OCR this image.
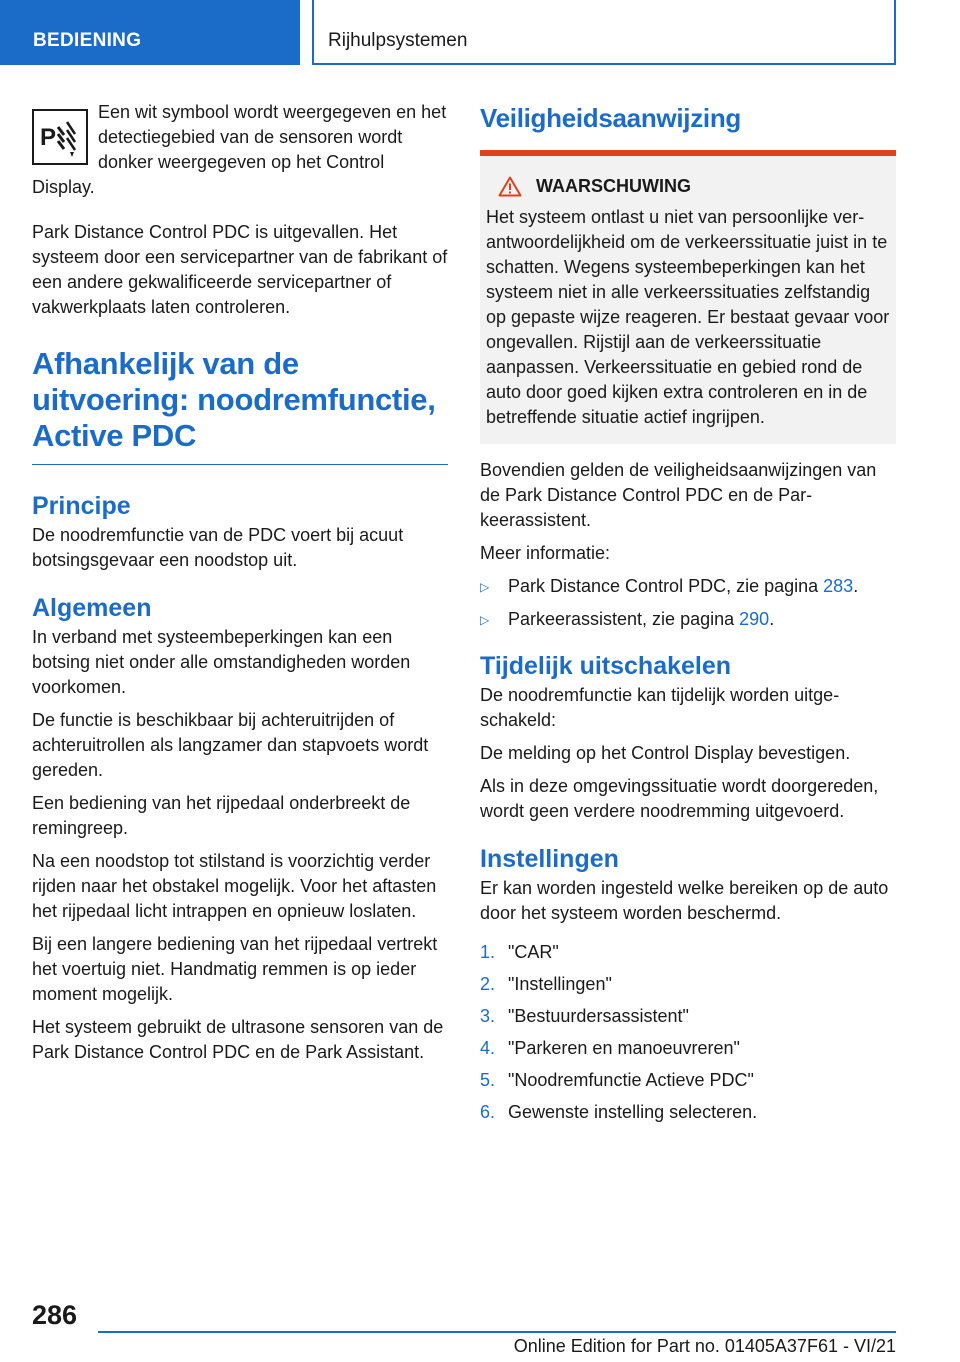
BEDIENING	Rijhulpsystemen
P
Een wit symbool wordt weergegeven en het detectiegebied van de sensoren wordt donker weergegeven op het Control Display.
Park Distance Control PDC is uitgevallen. Het systeem door een servicepartner van de fabrikant of een andere gekwalificeerde servicepartner of vakwerkplaats laten controleren.
Afhankelijk van de uitvoering: noodremfunctie, Active PDC
Principe
De noodremfunctie van de PDC voert bij acuut botsingsgevaar een noodstop uit.
Algemeen
In verband met systeembeperkingen kan een botsing niet onder alle omstandigheden worden voorkomen.
De functie is beschikbaar bij achteruitrijden of achteruitrollen als langzamer dan stapvoets wordt gereden.
Een bediening van het rijpedaal onderbreekt de remingreep.
Na een noodstop tot stilstand is voorzichtig verder rijden naar het obstakel mogelijk. Voor het aftasten het rijpedaal licht intrappen en opnieuw loslaten.
Bij een langere bediening van het rijpedaal vertrekt het voertuig niet. Handmatig remmen is op ieder moment mogelijk.
Het systeem gebruikt de ultrasone sensoren van de Park Distance Control PDC en de Park Assistant.
Veiligheidsaanwijzing
WAARSCHUWING
Het systeem ontlast u niet van persoonlijke verantwoordelijkheid om de verkeerssituatie juist in te schatten. Wegens systeembeperkingen kan het systeem niet in alle verkeerssituaties zelfstandig op gepaste wijze reageren. Er bestaat gevaar voor ongevallen. Rijstijl aan de verkeerssituatie aanpassen. Verkeerssituatie en gebied rond de auto door goed kijken extra controleren en in de betreffende situatie actief ingrijpen.
Bovendien gelden de veiligheidsaanwijzingen van de Park Distance Control PDC en de Parkeerassistent.
Meer informatie:
▷	Park Distance Control PDC, zie pagina 283.
▷	Parkeerassistent, zie pagina 290.
Tijdelijk uitschakelen
De noodremfunctie kan tijdelijk worden uitgeschakeld:
De melding op het Control Display bevestigen.
Als in deze omgevingssituatie wordt doorgereden, wordt geen verdere noodremming uitgevoerd.
Instellingen
Er kan worden ingesteld welke bereiken op de auto door het systeem worden beschermd.
1. "CAR"
2. "Instellingen"
3. "Bestuurdersassistent"
4. "Parkeren en manoeuvreren"
5. "Noodremfunctie Actieve PDC"
6. Gewenste instelling selecteren.
286
Online Edition for Part no. 01405A37F61 - VI/21
